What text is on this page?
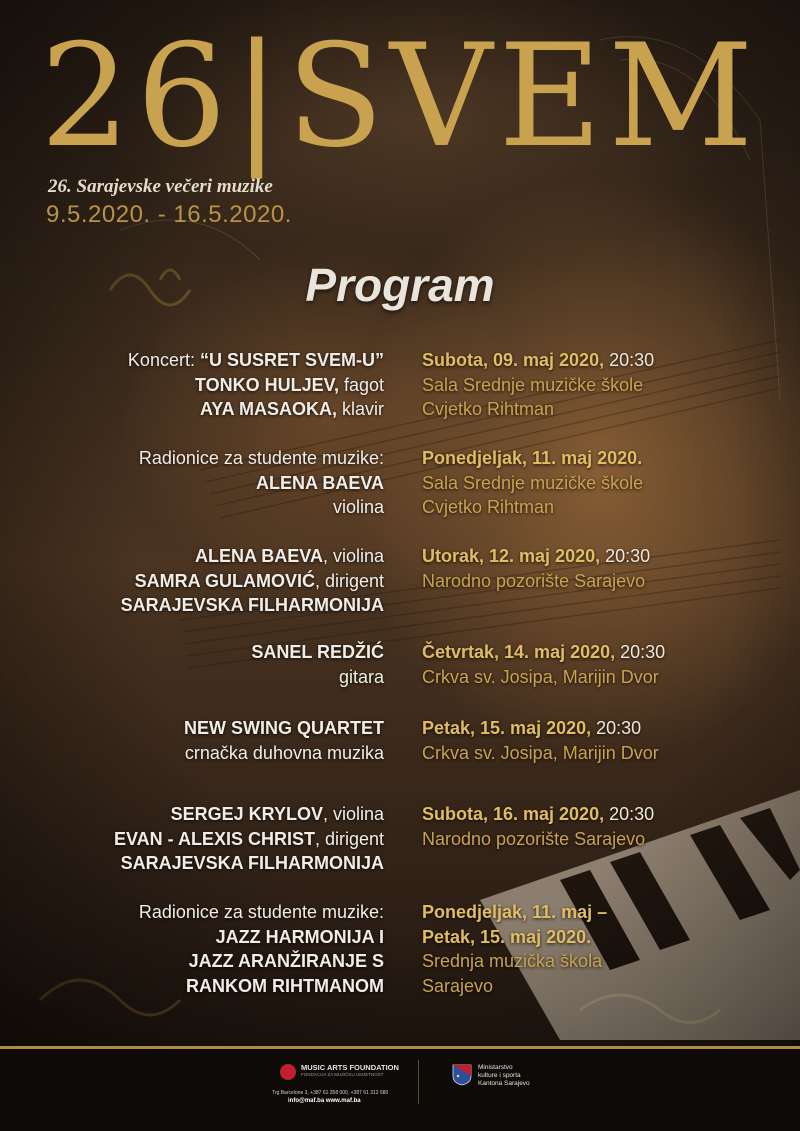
26|SVEM
26. Sarajevske večeri muzike
9.5.2020. - 16.5.2020.
Program
Koncert: “U SUSRET SVEM-U”
TONKO HULJEV, fagot
AYA MASAOKA, klavir
Subota, 09. maj 2020, 20:30
Sala Srednje muzičke škole
Cvjetko Rihtman
Radionice za studente muzike:
ALENA BAEVA
violina
Ponedjeljak, 11. maj 2020.
Sala Srednje muzičke škole
Cvjetko Rihtman
ALENA BAEVA, violina
SAMRA GULAMOVIĆ, dirigent
SARAJEVSKA FILHARMONIJA
Utorak, 12. maj 2020, 20:30
Narodno pozorište Sarajevo
SANEL REDŽIĆ
gitara
Četvrtak, 14. maj 2020, 20:30
Crkva sv. Josipa, Marijin Dvor
NEW SWING QUARTET
crnačka duhovna muzika
Petak, 15. maj 2020, 20:30
Crkva sv. Josipa, Marijin Dvor
SERGEJ KRYLOV, violina
EVAN - ALEXIS CHRIST, dirigent
SARAJEVSKA FILHARMONIJA
Subota, 16. maj 2020, 20:30
Narodno pozorište Sarajevo
Radionice za studente muzike:
JAZZ HARMONIJA I
JAZZ ARANŽIRANJE S
RANKOM RIHTMANOM
Ponedjeljak, 11. maj –
Petak, 15. maj 2020.
Srednja muzička škola
Sarajevo
MUSIC ARTS FOUNDATION
FONDACIJA ZA MUZIČKU UMJETNOST
Trg Barcelone 3, +387 61 358 000, +387 61 312 680
info@maf.ba www.maf.ba
Ministarstvo
kulture i sporta
Kantona Sarajevo
